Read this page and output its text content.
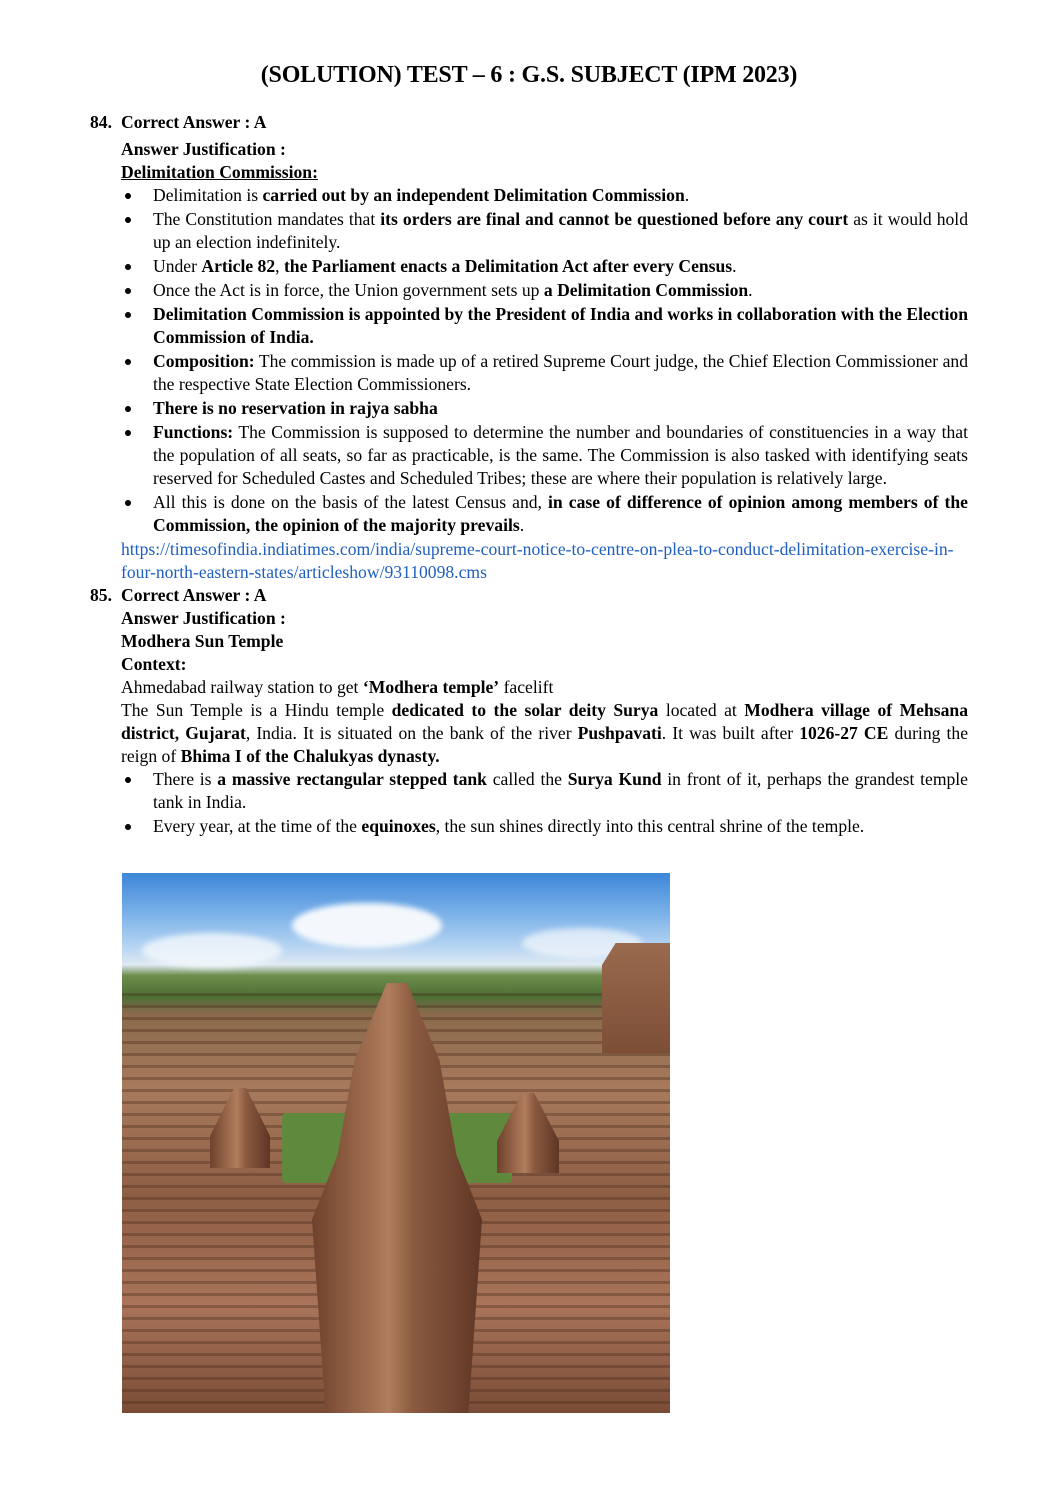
(SOLUTION) TEST – 6 : G.S. SUBJECT (IPM 2023)
84. Correct Answer : A
Answer Justification :
Delimitation Commission:
Delimitation is carried out by an independent Delimitation Commission.
The Constitution mandates that its orders are final and cannot be questioned before any court as it would hold up an election indefinitely.
Under Article 82, the Parliament enacts a Delimitation Act after every Census.
Once the Act is in force, the Union government sets up a Delimitation Commission.
Delimitation Commission is appointed by the President of India and works in collaboration with the Election Commission of India.
Composition: The commission is made up of a retired Supreme Court judge, the Chief Election Commissioner and the respective State Election Commissioners.
There is no reservation in rajya sabha
Functions: The Commission is supposed to determine the number and boundaries of constituencies in a way that the population of all seats, so far as practicable, is the same. The Commission is also tasked with identifying seats reserved for Scheduled Castes and Scheduled Tribes; these are where their population is relatively large.
All this is done on the basis of the latest Census and, in case of difference of opinion among members of the Commission, the opinion of the majority prevails.
https://timesofindia.indiatimes.com/india/supreme-court-notice-to-centre-on-plea-to-conduct-delimitation-exercise-in-four-north-eastern-states/articleshow/93110098.cms
85. Correct Answer : A
Answer Justification :
Modhera Sun Temple
Context:
Ahmedabad railway station to get ‘Modhera temple’ facelift
The Sun Temple is a Hindu temple dedicated to the solar deity Surya located at Modhera village of Mehsana district, Gujarat, India. It is situated on the bank of the river Pushpavati. It was built after 1026-27 CE during the reign of Bhima I of the Chalukyas dynasty.
There is a massive rectangular stepped tank called the Surya Kund in front of it, perhaps the grandest temple tank in India.
Every year, at the time of the equinoxes, the sun shines directly into this central shrine of the temple.
